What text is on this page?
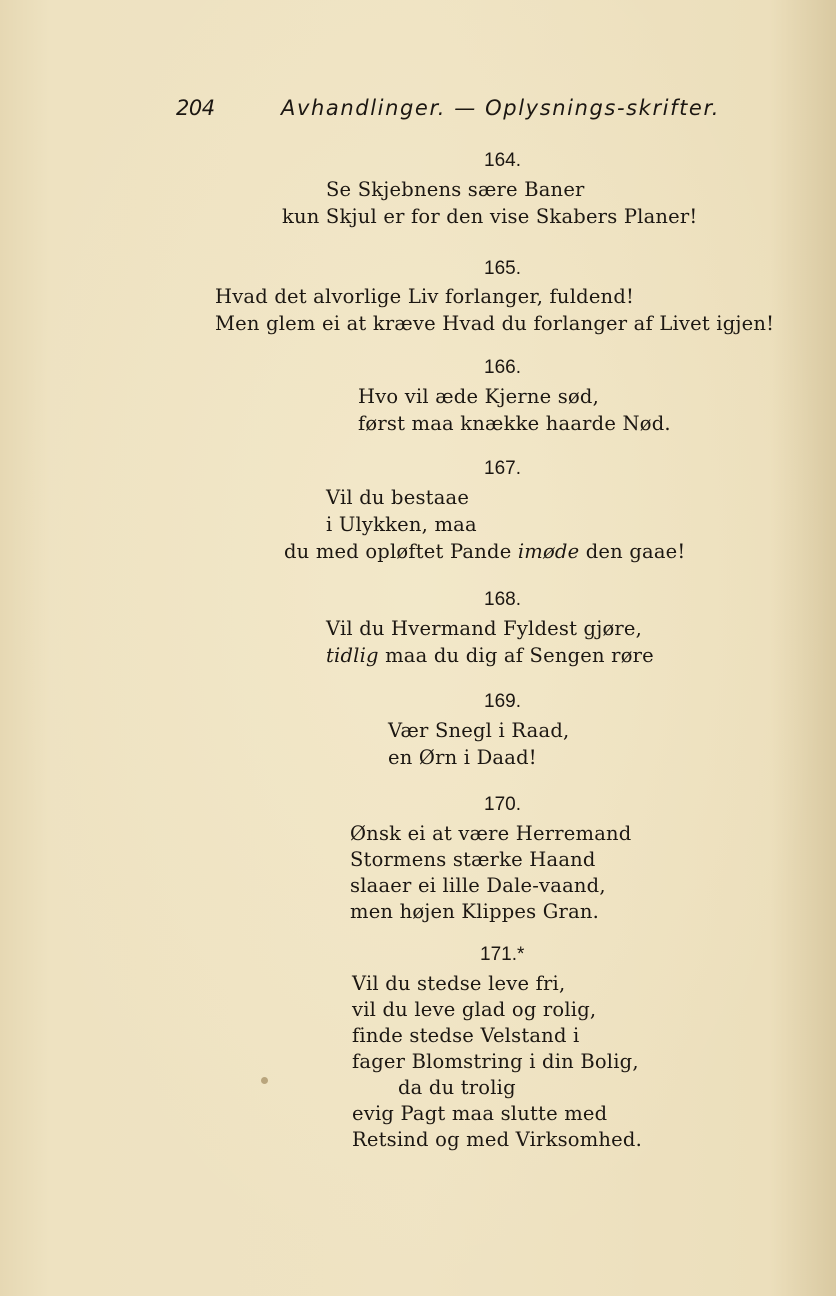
204	Avhandlinger. — Oplysnings-skrifter.
164.
Se Skjebnens sære Baner
kun Skjul er for den vise Skabers Planer!
165.
Hvad det alvorlige Liv forlanger, fuldend!
Men glem ei at kræve Hvad du forlanger af Livet igjen!
166.
Hvo vil æde Kjerne sød,
først maa knække haarde Nød.
167.
Vil du bestaae
i Ulykken, maa
du med opløftet Pande imøde den gaae!
168.
Vil du Hvermand Fyldest gjøre,
tidlig maa du dig af Sengen røre
169.
Vær Snegl i Raad,
en Ørn i Daad!
170.
Ønsk ei at være Herremand
Stormens stærke Haand
slaaer ei lille Dale-vaand,
men højen Klippes Gran.
171.*
Vil du stedse leve fri,
vil du leve glad og rolig,
finde stedse Velstand i
fager Blomstring i din Bolig,
da du trolig
evig Pagt maa slutte med
Retsind og med Virksomhed.
